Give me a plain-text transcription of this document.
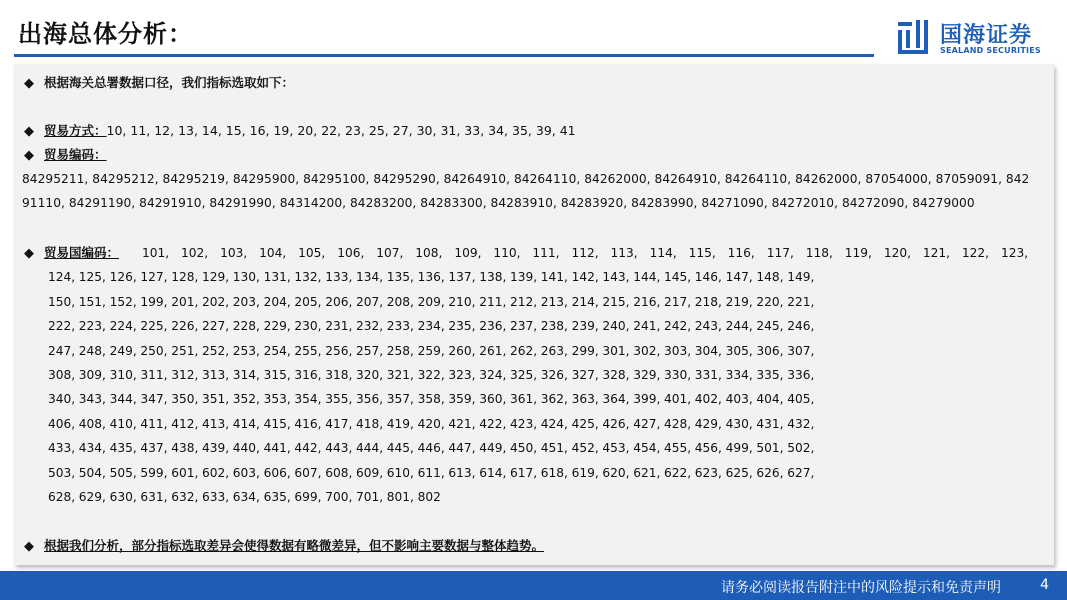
出海总体分析：	国海证券
SEALAND SECURITIES
◆ 根据海关总署数据口径，我们指标选取如下：
◆ 贸易方式：10, 11, 12, 13, 14, 15, 16, 19, 20, 22, 23, 25, 27, 30, 31, 33, 34, 35, 39, 41
◆ 贸易编码：
84295211, 84295212, 84295219, 84295900, 84295100, 84295290, 84264910, 84264110, 84262000, 84264910, 84264110, 84262000, 87054000, 87059091, 842
91110, 84291190, 84291910, 84291990, 84314200, 84283200, 84283300, 84283910, 84283920, 84283990, 84271090, 84272010, 84272090, 84279000
◆ 贸易国编码：
◆ 根据我们分析，部分指标选取差异会使得数据有略微差异，但不影响主要数据与整体趋势。
101, 102, 103, 104, 105, 106, 107, 108, 109, 110, 111, 112, 113, 114, 115, 116, 117, 118, 119, 120, 121, 122, 123,
124, 125, 126, 127, 128, 129, 130, 131, 132, 133, 134, 135, 136, 137, 138, 139, 141, 142, 143, 144, 145, 146, 147, 148, 149,
150, 151, 152, 199, 201, 202, 203, 204, 205, 206, 207, 208, 209, 210, 211, 212, 213, 214, 215, 216, 217, 218, 219, 220, 221,
222, 223, 224, 225, 226, 227, 228, 229, 230, 231, 232, 233, 234, 235, 236, 237, 238, 239, 240, 241, 242, 243, 244, 245, 246,
247, 248, 249, 250, 251, 252, 253, 254, 255, 256, 257, 258, 259, 260, 261, 262, 263, 299, 301, 302, 303, 304, 305, 306, 307,
308, 309, 310, 311, 312, 313, 314, 315, 316, 318, 320, 321, 322, 323, 324, 325, 326, 327, 328, 329, 330, 331, 334, 335, 336,
340, 343, 344, 347, 350, 351, 352, 353, 354, 355, 356, 357, 358, 359, 360, 361, 362, 363, 364, 399, 401, 402, 403, 404, 405,
406, 408, 410, 411, 412, 413, 414, 415, 416, 417, 418, 419, 420, 421, 422, 423, 424, 425, 426, 427, 428, 429, 430, 431, 432,
433, 434, 435, 437, 438, 439, 440, 441, 442, 443, 444, 445, 446, 447, 449, 450, 451, 452, 453, 454, 455, 456, 499, 501, 502,
503, 504, 505, 599, 601, 602, 603, 606, 607, 608, 609, 610, 611, 613, 614, 617, 618, 619, 620, 621, 622, 623, 625, 626, 627,
628, 629, 630, 631, 632, 633, 634, 635, 699, 700, 701, 801, 802
请务必阅读报告附注中的风险提示和免责声明	4
